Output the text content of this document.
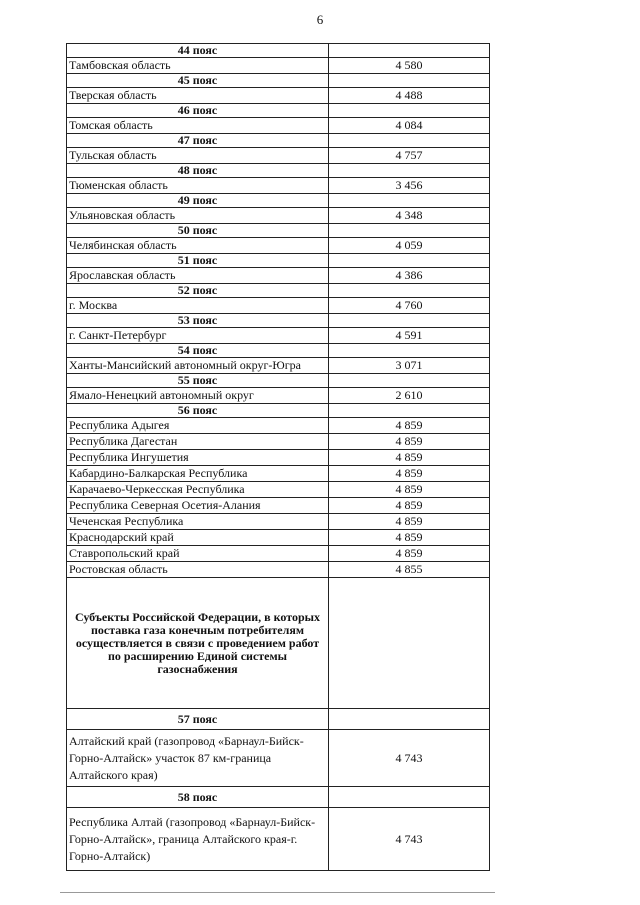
6
44 пояс	
Тамбовская область	4 580
45 пояс	
Тверская область	4 488
46 пояс	
Томская область	4 084
47 пояс	
Тульская область	4 757
48 пояс	
Тюменская область	3 456
49 пояс	
Ульяновская область	4 348
50 пояс	
Челябинская область	4 059
51 пояс	
Ярославская область	4 386
52 пояс	
г. Москва	4 760
53 пояс	
г. Санкт-Петербург	4 591
54 пояс	
Ханты-Мансийский автономный округ-Югра	3 071
55 пояс	
Ямало-Ненецкий автономный округ	2 610
56 пояс	
Республика Адыгея	4 859
Республика Дагестан	4 859
Республика Ингушетия	4 859
Кабардино-Балкарская Республика	4 859
Карачаево-Черкесская Республика	4 859
Республика Северная Осетия-Алания	4 859
Чеченская Республика	4 859
Краснодарский край	4 859
Ставропольский край	4 859
Ростовская область	4 855
Субъекты Российской Федерации, в которых поставка газа конечным потребителям осуществляется в связи с проведением работ по расширению Единой системы газоснабжения	
57 пояс	
Алтайский край (газопровод «Барнаул-Бийск-Горно-Алтайск» участок 87 км-граница Алтайского края)	4 743
58 пояс	
Республика Алтай (газопровод «Барнаул-Бийск-Горно-Алтайск», граница Алтайского края-г. Горно-Алтайск)	4 743
